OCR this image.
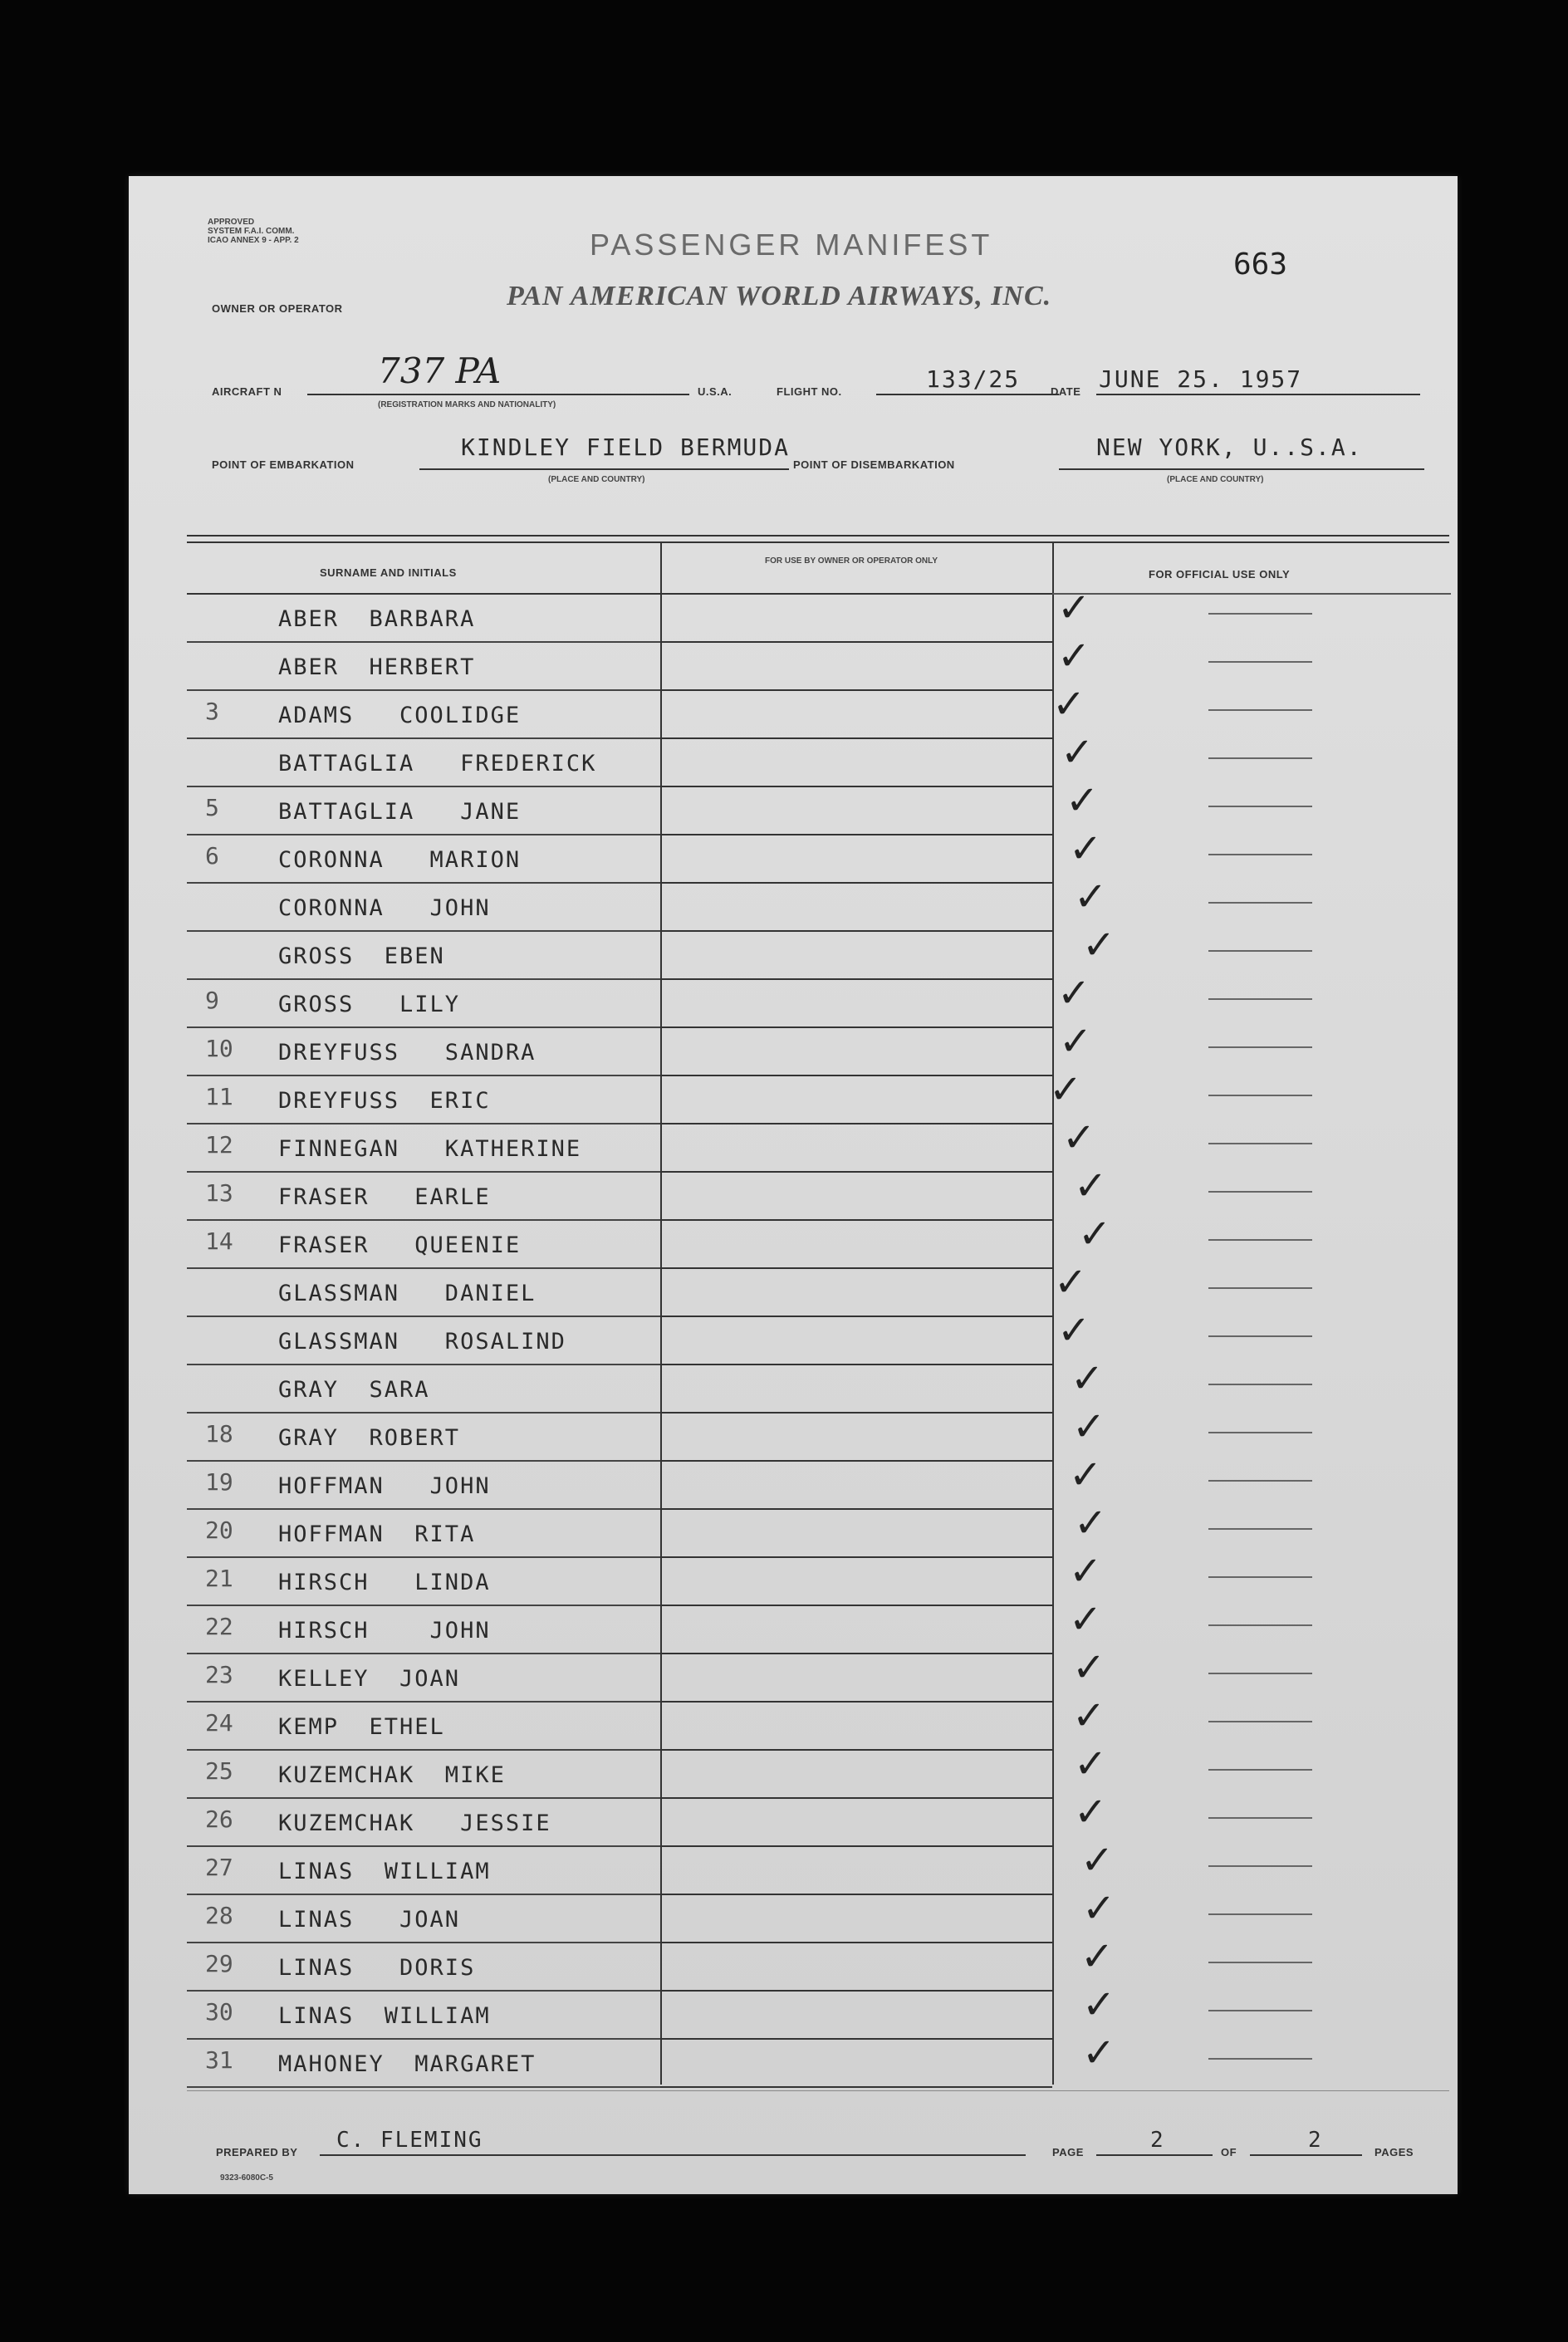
APPROVED
SYSTEM F.A.I. COMM.
ICAO ANNEX 9 - APP. 2	PASSENGER MANIFEST
663
OWNER OR OPERATOR	PAN AMERICAN WORLD AIRWAYS, INC.
AIRCRAFT N
737 PA
(REGISTRATION MARKS AND NATIONALITY)
U.S.A.	FLIGHT NO.	133/25	DATE JUNE 25. 1957
POINT OF EMBARKATION
KINDLEY FIELD BERMUDA
(PLACE AND COUNTRY)
POINT OF DISEMBARKATION
NEW YORK, U..S.A.
(PLACE AND COUNTRY)
SURNAME AND INITIALS
FOR USE BY OWNER OR OPERATOR ONLY
FOR OFFICIAL USE ONLY
ABER  BARBARA	✓
ABER  HERBERT	✓
3	ADAMS   COOLIDGE	✓
BATTAGLIA   FREDERICK	✓
5	BATTAGLIA   JANE	✓
6	CORONNA   MARION	✓
CORONNA   JOHN	✓
GROSS  EBEN	✓
9	GROSS   LILY	✓
10 DREYFUSS   SANDRA	✓
11 DREYFUSS  ERIC	✓
12 FINNEGAN   KATHERINE	✓
13 FRASER   EARLE	✓
14 FRASER   QUEENIE	✓
GLASSMAN   DANIEL	✓
GLASSMAN   ROSALIND	✓
GRAY  SARA	✓
18 GRAY  ROBERT	✓
19 HOFFMAN   JOHN	✓
20 HOFFMAN  RITA	✓
21 HIRSCH   LINDA	✓
22 HIRSCH    JOHN	✓
23 KELLEY  JOAN	✓
24 KEMP  ETHEL	✓
25 KUZEMCHAK  MIKE	✓
26 KUZEMCHAK   JESSIE	✓
27 LINAS  WILLIAM	✓
28 LINAS   JOAN	✓
29 LINAS   DORIS	✓
30 LINAS  WILLIAM	✓
31 MAHONEY  MARGARET	✓
PREPARED BY C. FLEMING	PAGE	2	OF	2	PAGES
9323-6080C-5
